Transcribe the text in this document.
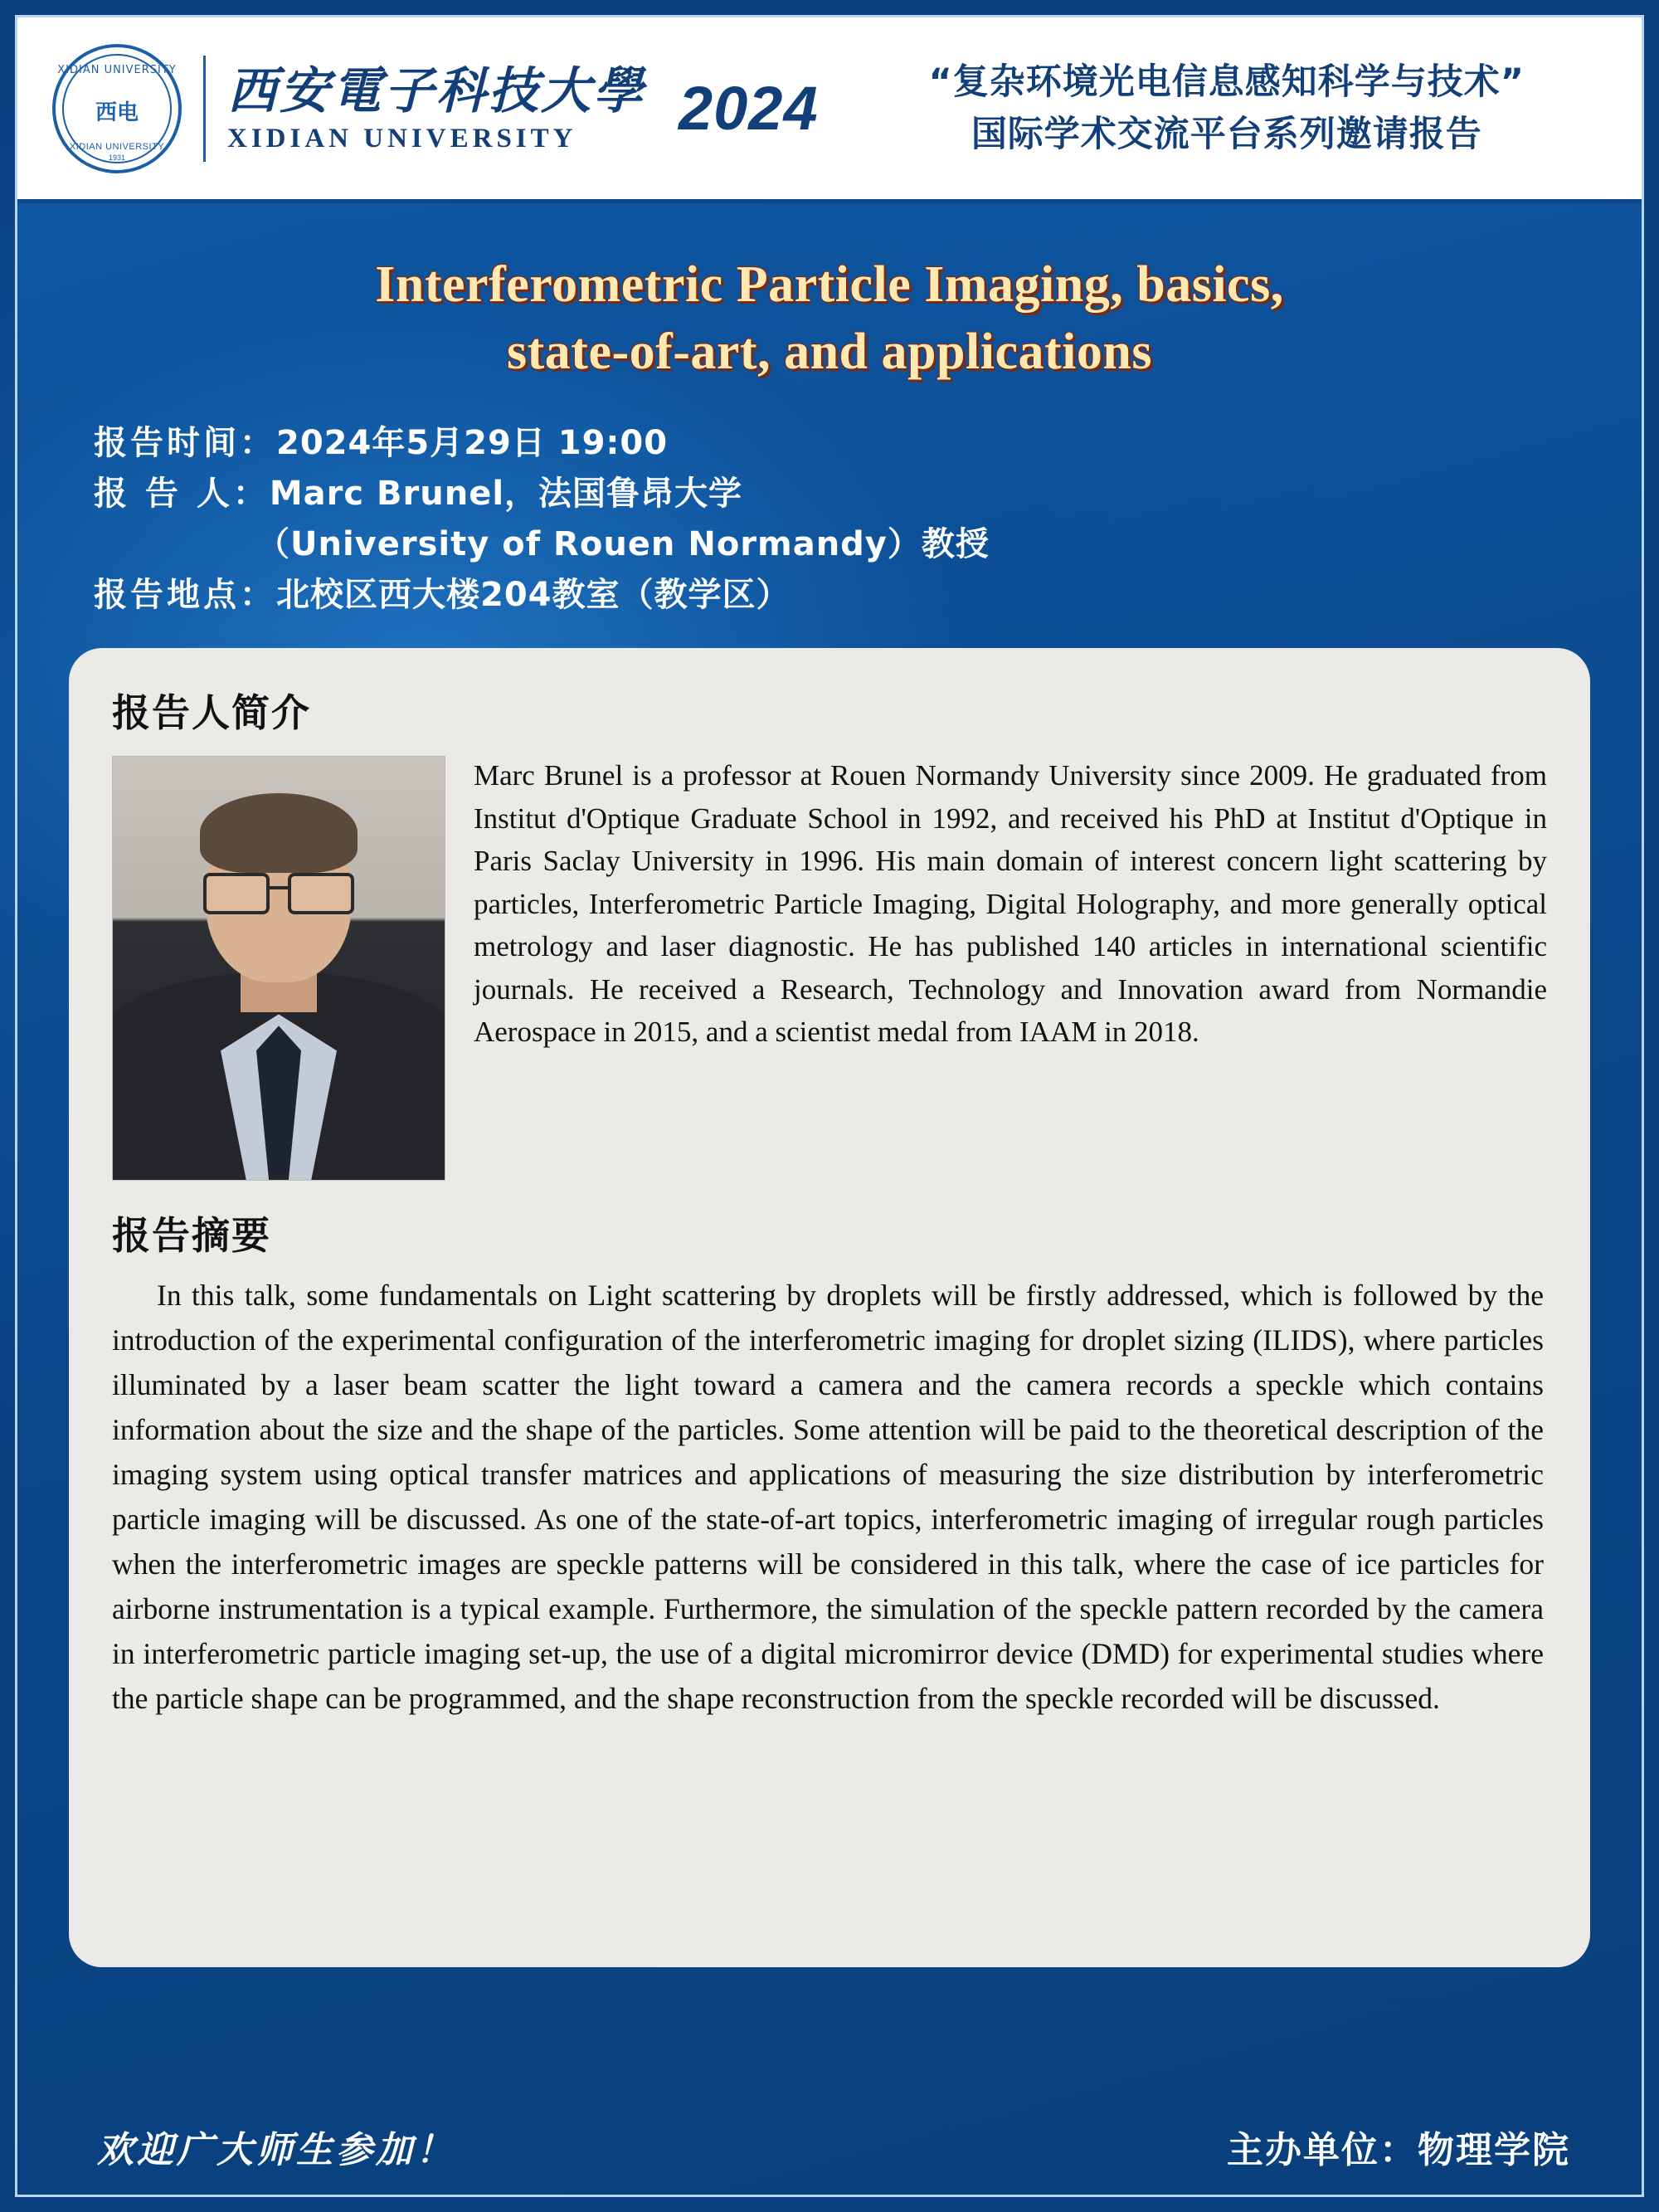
XIDIAN UNIVERSITY
西电
XIDIAN UNIVERSITY
1931
西安電子科技大學
XIDIAN UNIVERSITY	2024	“复杂环境光电信息感知科学与技术”
国际学术交流平台系列邀请报告
Interferometric Particle Imaging, basics,
state-of-art, and applications
报告时间：2024年5月29日 19:00
报 告 人：Marc Brunel，法国鲁昂大学
（University of Rouen Normandy）教授
报告地点：北校区西大楼204教室（教学区）
报告人简介
Marc Brunel is a professor at Rouen Normandy University since 2009. He graduated from Institut d'Optique Graduate School in 1992, and received his PhD at Institut d'Optique in Paris Saclay University in 1996. His main domain of interest concern light scattering by particles, Interferometric Particle Imaging, Digital Holography, and more generally optical metrology and laser diagnostic. He has published 140 articles in international scientific journals. He received a Research, Technology and Innovation award from Normandie Aerospace in 2015, and a scientist medal from IAAM in 2018.
报告摘要
In this talk, some fundamentals on Light scattering by droplets will be firstly addressed, which is followed by the introduction of the experimental configuration of the interferometric imaging for droplet sizing (ILIDS), where particles illuminated by a laser beam scatter the light toward a camera and the camera records a speckle which contains information about the size and the shape of the particles. Some attention will be paid to the theoretical description of the imaging system using optical transfer matrices and applications of measuring the size distribution by interferometric particle imaging will be discussed. As one of the state-of-art topics, interferometric imaging of irregular rough particles when the interferometric images are speckle patterns will be considered in this talk, where the case of ice particles for airborne instrumentation is a typical example. Furthermore, the simulation of the speckle pattern recorded by the camera in interferometric particle imaging set-up, the use of a digital micromirror device (DMD) for experimental studies where the particle shape can be programmed, and the shape reconstruction from the speckle recorded will be discussed.
欢迎广大师生参加！	主办单位：物理学院
